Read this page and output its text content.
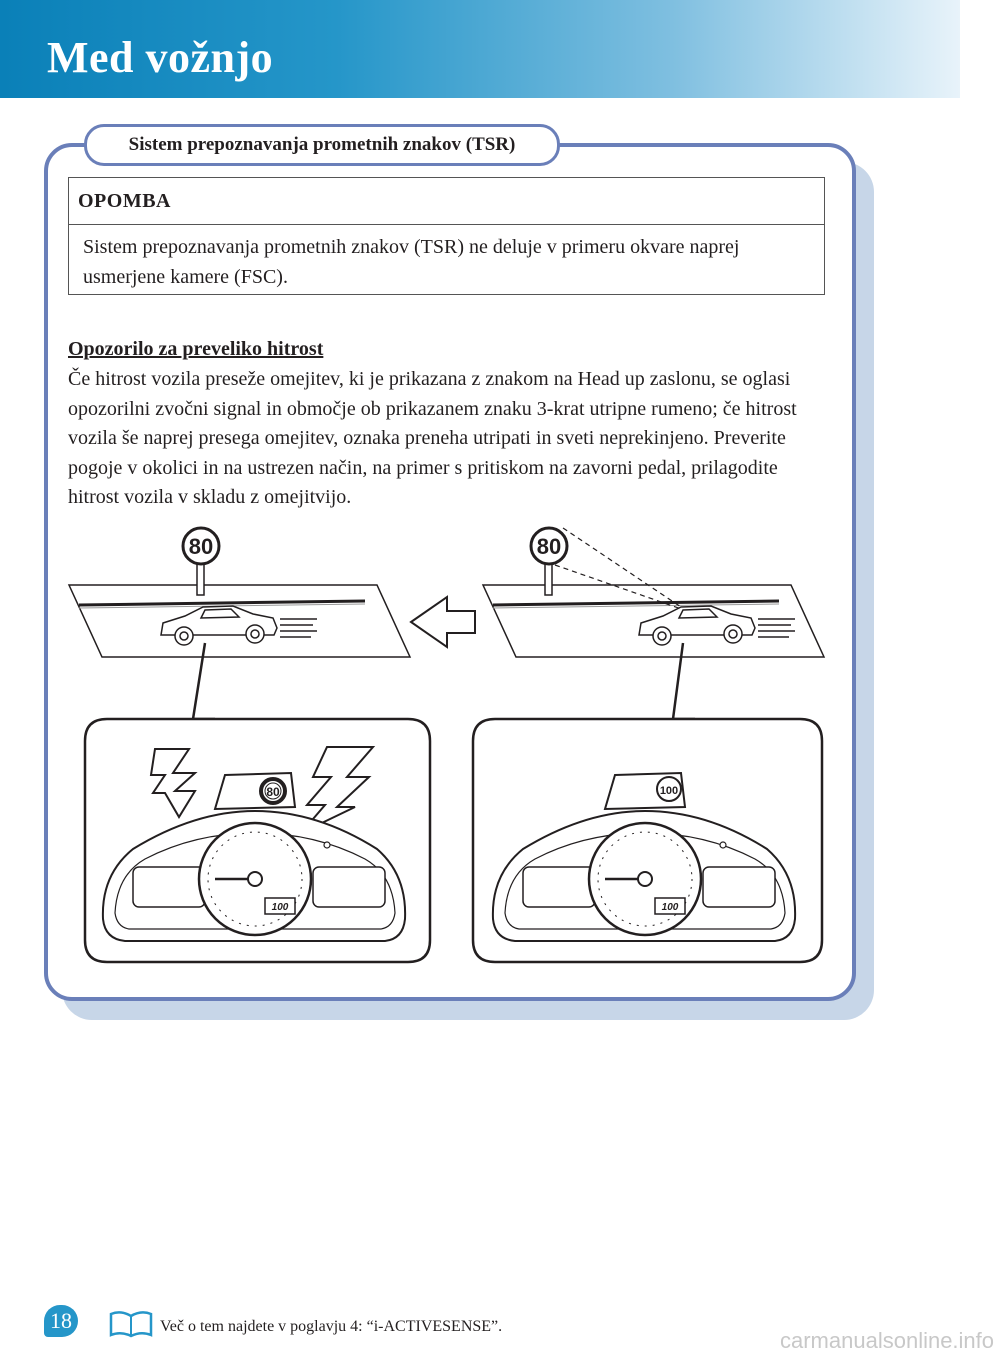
Med vožnjo
Sistem prepoznavanja prometnih znakov (TSR)
OPOMBA
Sistem prepoznavanja prometnih znakov (TSR) ne deluje v primeru okvare naprej usmerjene kamere (FSC).
Opozorilo za preveliko hitrost
Če hitrost vozila preseže omejitev, ki je prikazana z znakom na Head up zaslonu, se oglasi opozorilni zvočni signal in območje ob prikazanem znaku 3-krat utripne rumeno; če hitrost vozila še naprej presega omejitev, oznaka preneha utripati in sveti neprekinjeno. Preverite pogoje v okolici in na ustrezen način, na primer s pritiskom na zavorni pedal, prilagodite hitrost vozila v skladu z omejitvijo.
80
80
100
80
100
100
18	Več o tem najdete v poglavju 4: “i-ACTIVESENSE”.
carmanualsonline.info
